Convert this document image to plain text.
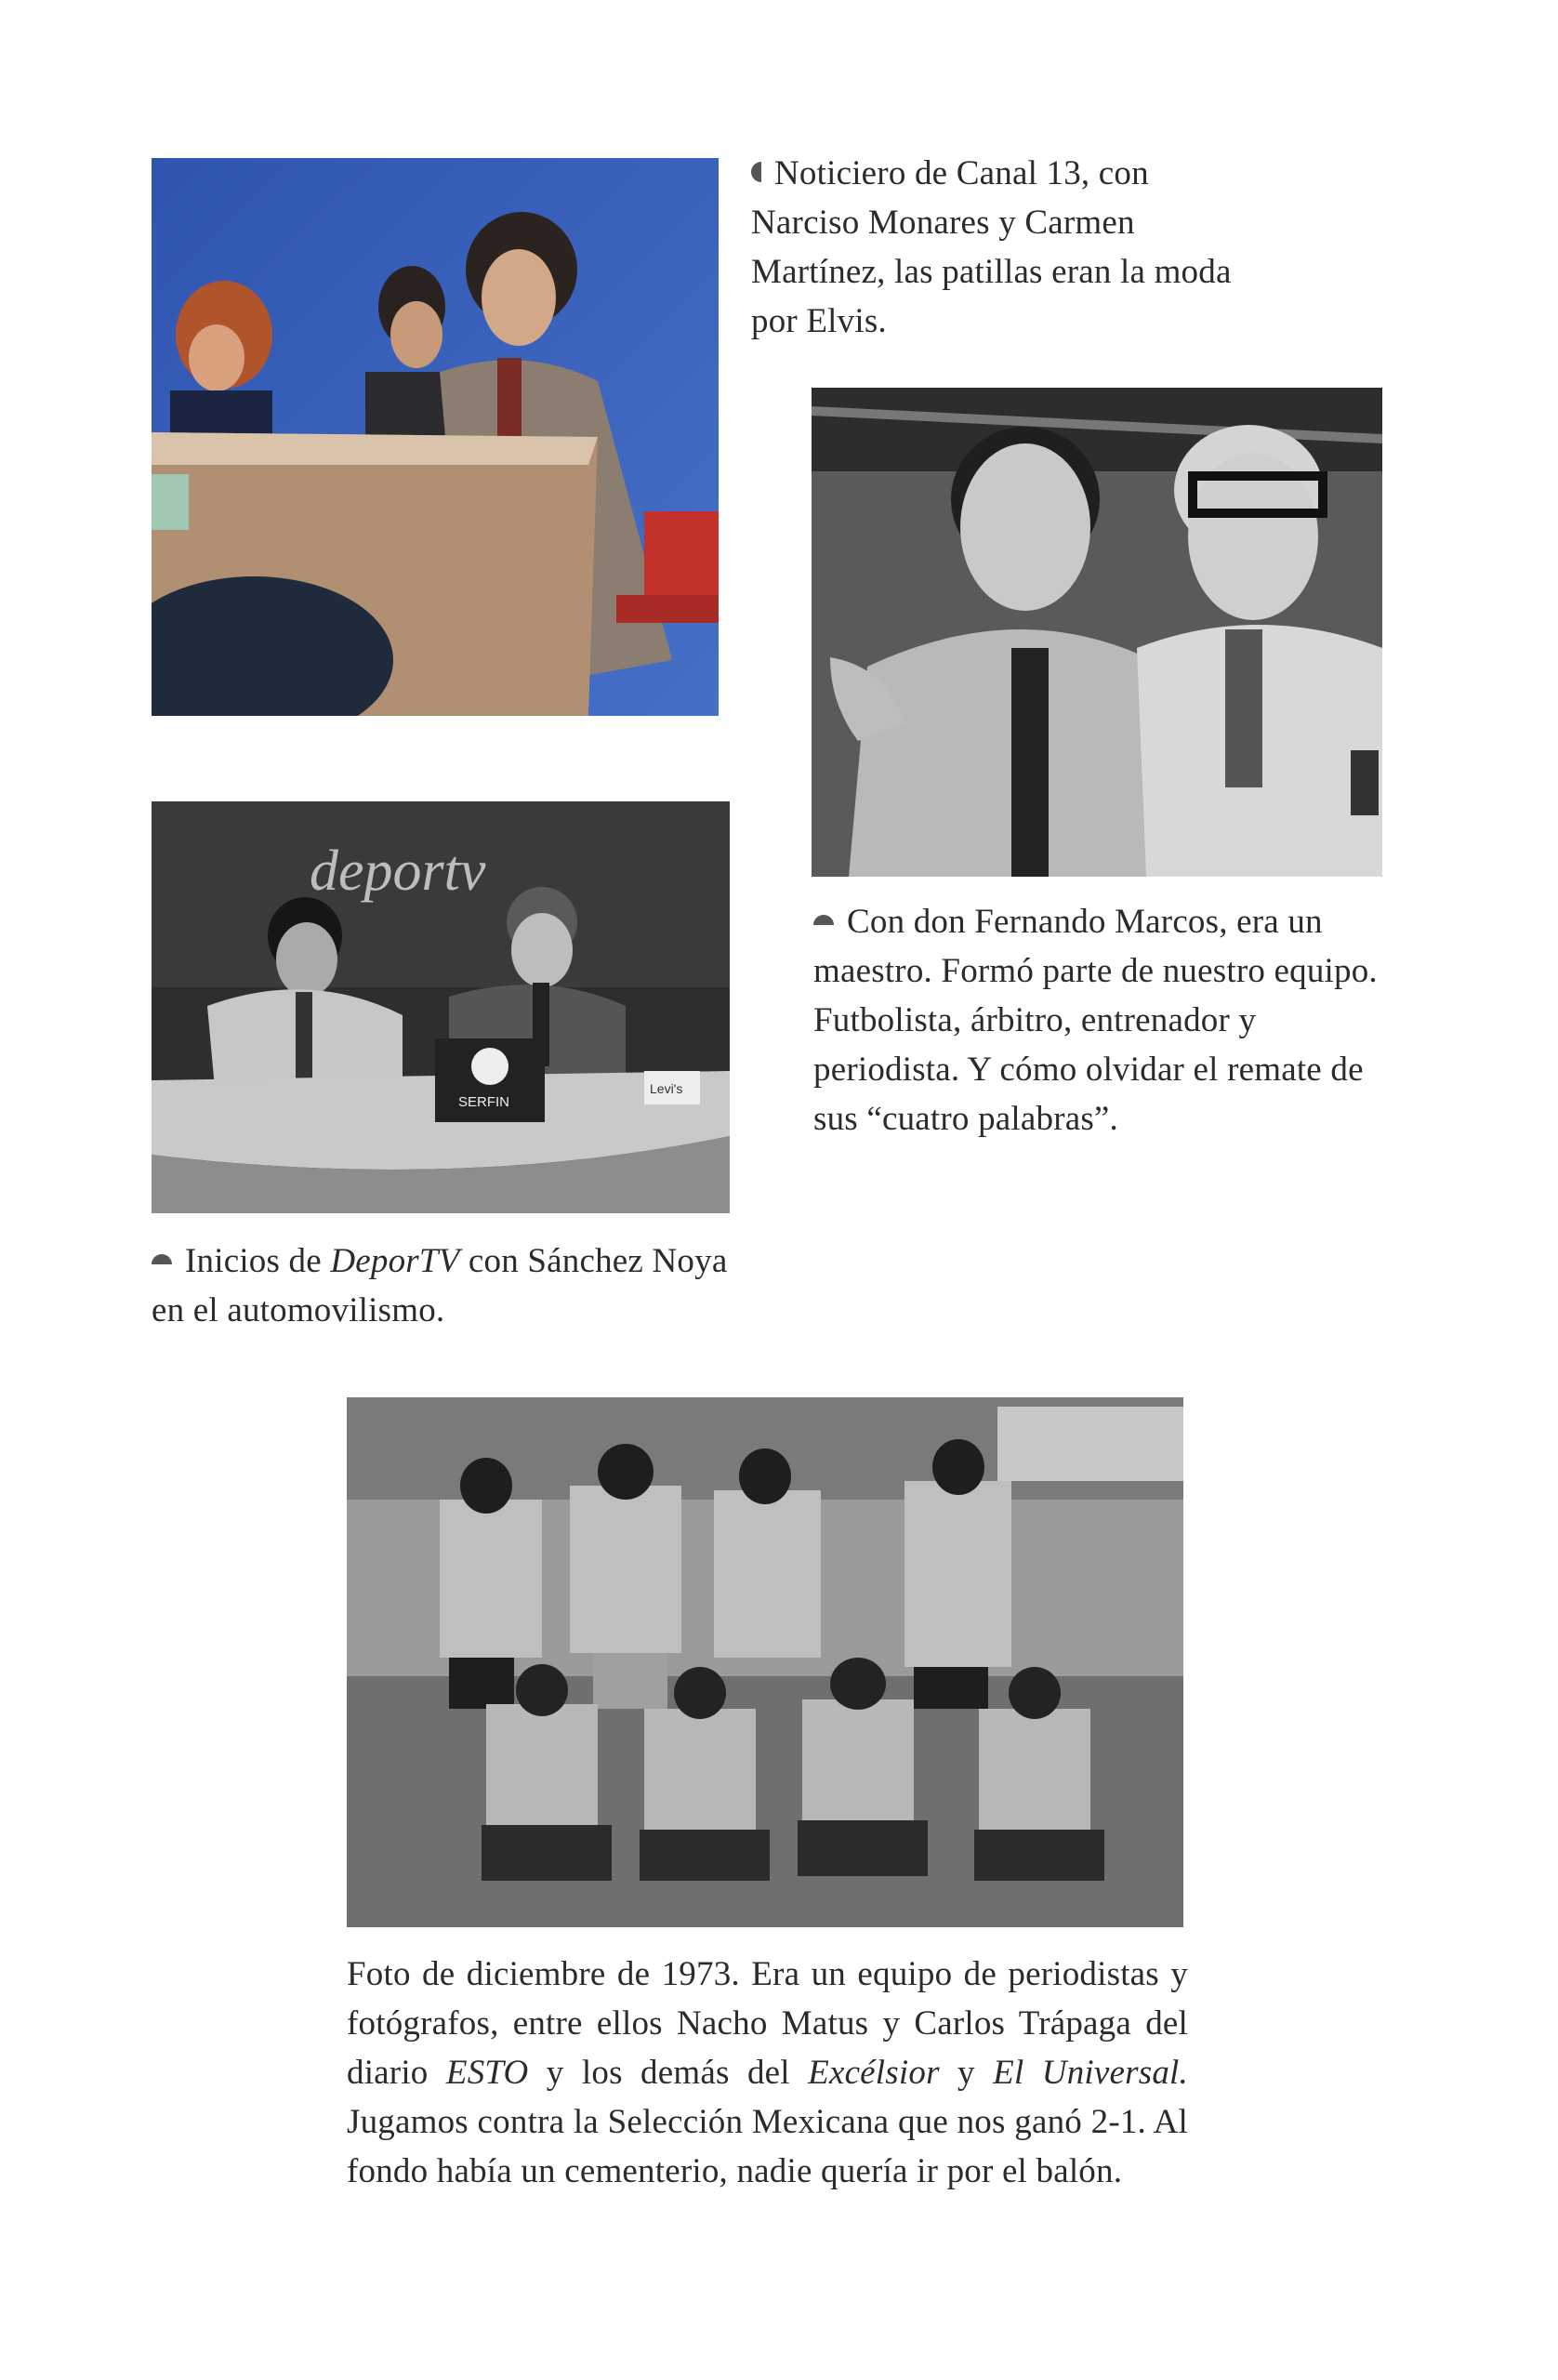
Noticiero de Canal 13, con Narciso Monares y Carmen Martínez, las patillas eran la moda por Elvis.

deportv
SERFIN
Levi's

Con don Fernando Marcos, era un maestro. Formó parte de nuestro equipo. Futbolista, árbitro, entrenador y periodista. Y cómo olvidar el remate de sus “cuatro palabras”.

Inicios de DeporTV con Sánchez Noya en el automovilismo.

Foto de diciembre de 1973. Era un equipo de periodistas y fotógrafos, entre ellos Nacho Matus y Carlos Trápaga del diario ESTO y los demás del Excélsior y El Universal. Jugamos contra la Selección Mexicana que nos ganó 2-1. Al fondo había un cementerio, nadie quería ir por el balón.
